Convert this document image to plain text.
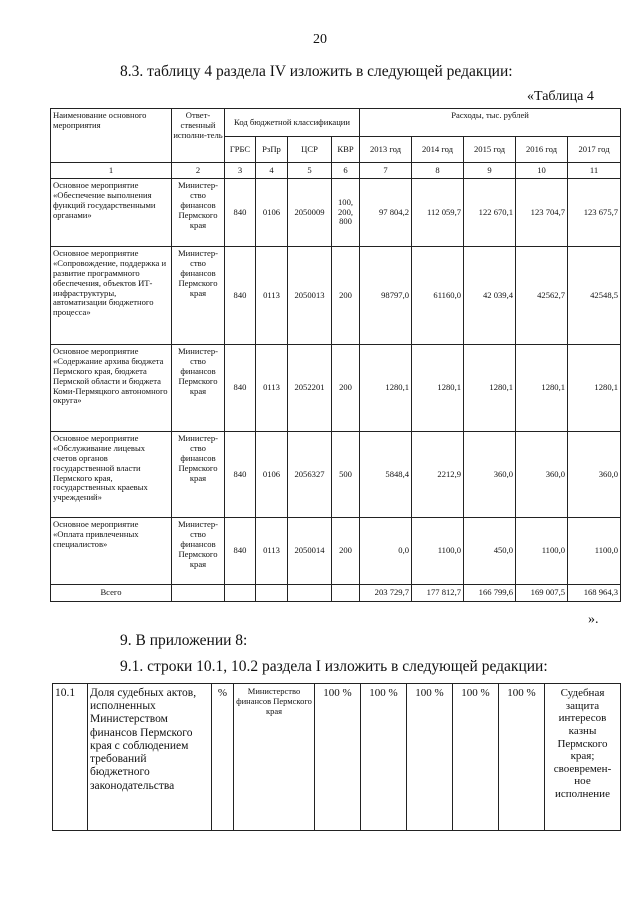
20
8.3. таблицу 4 раздела IV изложить в следующей редакции:
«Таблица 4
Наименование основного мероприятия	Ответ-ственный исполни-тель	Код бюджетной классификации				Расходы, тыс. рублей				
		ГРБС	РзПр	ЦСР	КВР	2013 год	2014 год	2015 год	2016 год	2017 год
1	2	3	4	5	6	7	8	9	10	11
Основное мероприятие «Обеспечение выполнения функций государственными органами»	Министер-ство финансов Пермского края	840	0106	2050009	100, 200, 800	97 804,2	112 059,7	122 670,1	123 704,7	123 675,7
Основное мероприятие «Сопровождение, поддержка и развитие программного обеспечения, объектов ИТ-инфраструктуры, автоматизации бюджетного процесса»	Министер-ство финансов Пермского края	840	0113	2050013	200	98797,0	61160,0	42 039,4	42562,7	42548,5
Основное мероприятие «Содержание архива бюджета Пермского края, бюджета Пермской области и бюджета Коми-Пермяцкого автономного округа»	Министер-ство финансов Пермского края	840	0113	2052201	200	1280,1	1280,1	1280,1	1280,1	1280,1
Основное мероприятие «Обслуживание лицевых счетов органов государственной власти Пермского края, государственных краевых учреждений»	Министер-ство финансов Пермского края	840	0106	2056327	500	5848,4	2212,9	360,0	360,0	360,0
Основное мероприятие «Оплата привлеченных специалистов»	Министер-ство финансов Пермского края	840	0113	2050014	200	0,0	1100,0	450,0	1100,0	1100,0
Всего						203 729,7	177 812,7	166 799,6	169 007,5	168 964,3
».
9. В приложении 8:
9.1. строки 10.1, 10.2 раздела I изложить в следующей редакции:
10.1	Доля судебных актов, исполненных Министерством финансов Пермского края с соблюдением требований бюджетного законодательства	%	Министерство финансов Пермского края	100 %	100 %	100 %	100 %	100 %	Судебная защита интересов казны Пермского края; своевремен-ное исполнение
